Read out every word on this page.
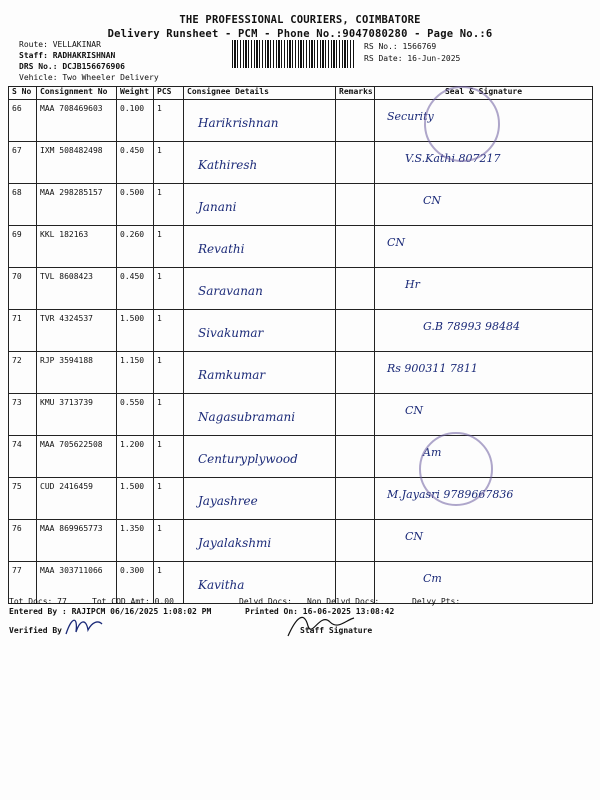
THE PROFESSIONAL COURIERS, COIMBATORE
Delivery Runsheet - PCM - Phone No.:9047080280 - Page No.:6
Route: VELLAKINAR
Staff: RADHAKRISHNAN
DRS No.: DCJB156676906
Vehicle: Two Wheeler Delivery
RS No.: 1566769
RS Date: 16-Jun-2025
S No	Consignment No	Weight	PCS	Consignee Details	Remarks	Seal & Signature
66	MAA 708469603	0.100	1	Harikrishnan		Security

67	IXM 508482498	0.450	1	Kathiresh		V.S.Kathi 807217

68	MAA 298285157	0.500	1	Janani		CN

69	KKL 182163	0.260	1	Revathi		CN

70	TVL 8608423	0.450	1	Saravanan		Hr

71	TVR 4324537	1.500	1	Sivakumar		G.B 78993 98484

72	RJP 3594188	1.150	1	Ramkumar		Rs 900311 7811

73	KMU 3713739	0.550	1	Nagasubramani		CN

74	MAA 705622508	1.200	1	Centuryplywood		Am

75	CUD 2416459	1.500	1	Jayashree		M.Jayasri 9789667836

76	MAA 869965773	1.350	1	Jayalakshmi		CN

77	MAA 303711066	0.300	1	Kavitha		Cm
Tot Docs: 77	Tot COD Amt: 0.00	Delvd Docs: Non Delvd Docs:	Delvy Pts:
Entered By : RAJIPCM 06/16/2025 1:08:02 PM	Printed On: 16-06-2025 13:08:42
Verified By	Staff Signature
